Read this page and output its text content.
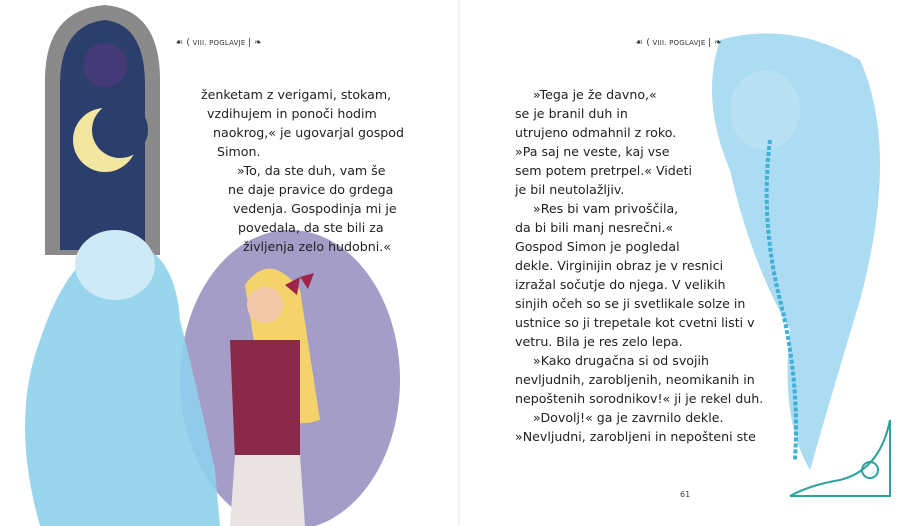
☙ ( VIII. POGLAVJE | ❧
ženketam z verigami, stokam,
vzdihujem in ponoči hodim
naokrog,« je ugovarjal gospod
Simon.
»To, da ste duh, vam še
ne daje pravice do grdega
vedenja. Gospodinja mi je
povedala, da ste bili za
življenja zelo hudobni.«
☙ ( VIII. POGLAVJE | ❧
»Tega je že davno,«
se je branil duh in
utrujeno odmahnil z roko.
»Pa saj ne veste, kaj vse
sem potem pretrpel.« Videti
je bil neutolažljiv.
»Res bi vam privoščila,
da bi bili manj nesrečni.«
Gospod Simon je pogledal
dekle. Virginijin obraz je v resnici
izražal sočutje do njega. V velikih
sinjih očeh so se ji svetlikale solze in
ustnice so ji trepetale kot cvetni listi v
vetru. Bila je res zelo lepa.
»Kako drugačna si od svojih
nevljudnih, zarobljenih, neomikanih in
nepoštenih sorodnikov!« ji je rekel duh.
»Dovolj!« ga je zavrnilo dekle.
»Nevljudni, zarobljeni in nepošteni ste
61
